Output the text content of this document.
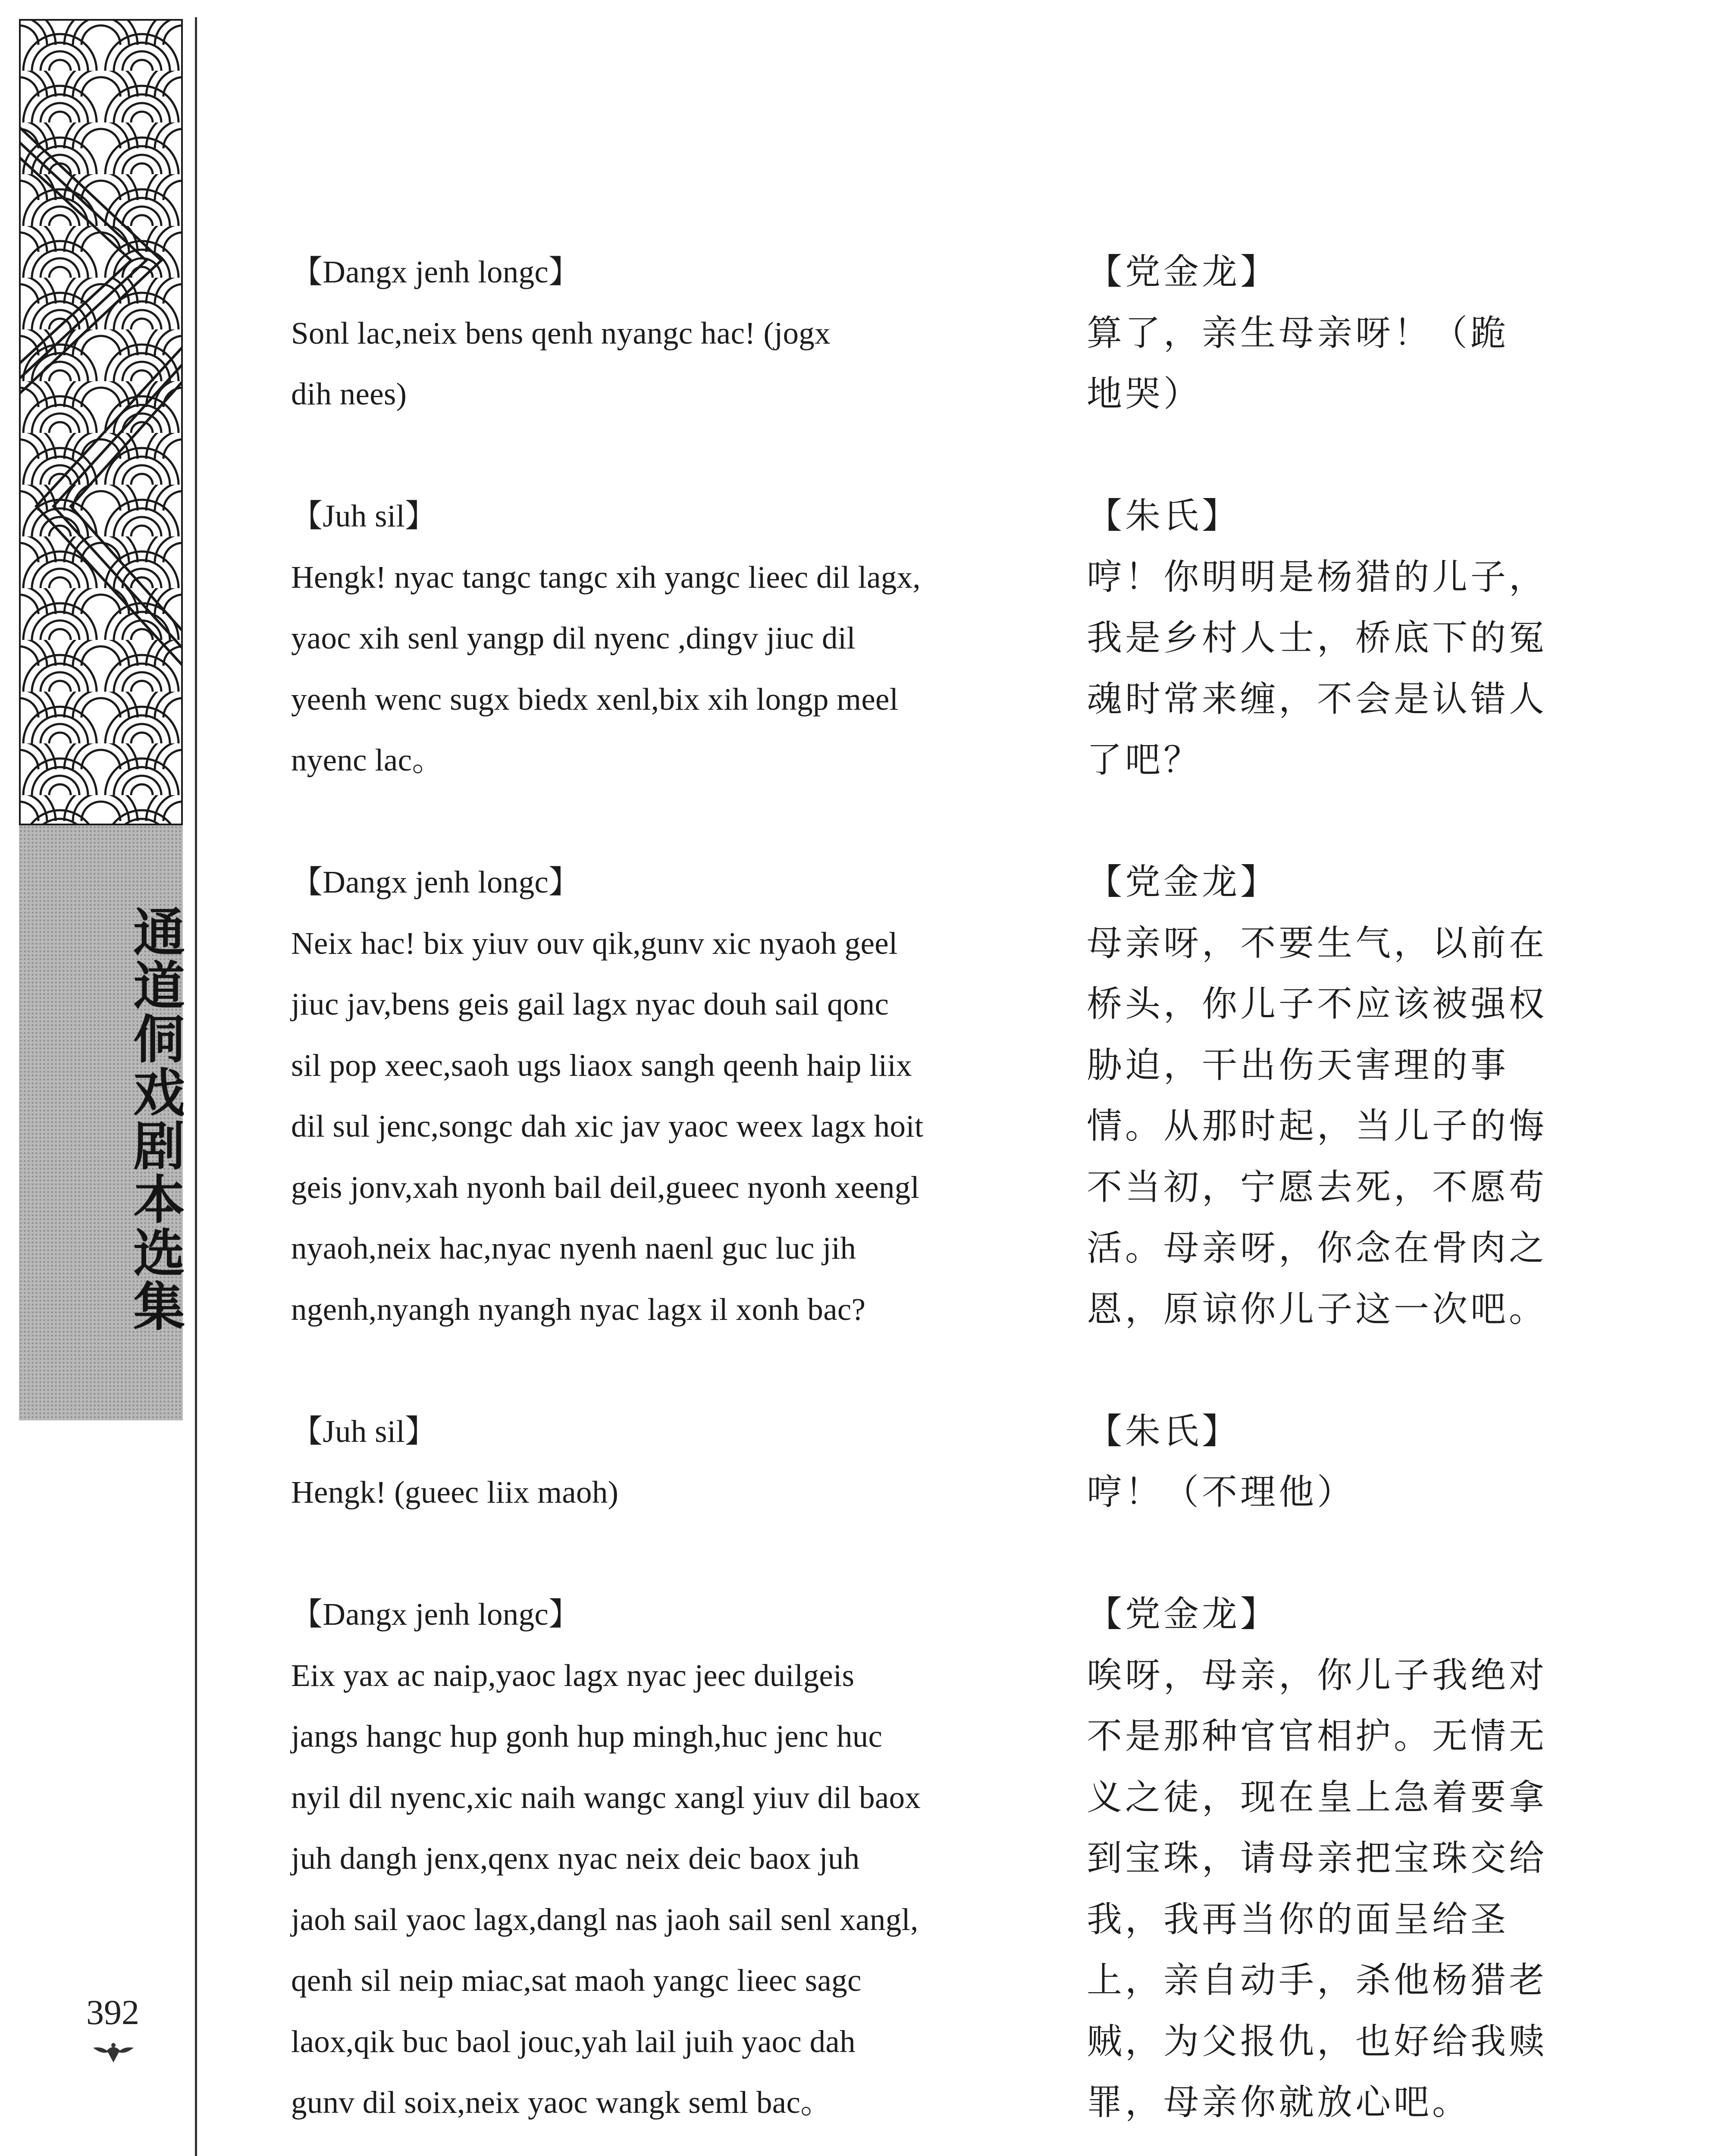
通道侗戏剧本选集
392
【Dangx jenh longc】
Sonl lac,neix bens qenh nyangc hac! (jogx
dih nees)
【Juh sil】
Hengk! nyac tangc tangc xih yangc lieec dil lagx,
yaoc xih senl yangp dil nyenc ,dingv jiuc dil
yeenh wenc sugx biedx xenl,bix xih longp meel
nyenc lac。
【Dangx jenh longc】
Neix hac! bix yiuv ouv qik,gunv xic nyaoh geel
jiuc jav,bens geis gail lagx nyac douh sail qonc
sil pop xeec,saoh ugs liaox sangh qeenh haip liix
dil sul jenc,songc dah xic jav yaoc weex lagx hoit
geis jonv,xah nyonh bail deil,gueec nyonh xeengl
nyaoh,neix hac,nyac nyenh naenl guc luc jih
ngenh,nyangh nyangh nyac lagx il xonh bac?
【Juh sil】
Hengk! (gueec liix maoh)
【Dangx jenh longc】
Eix yax ac naip,yaoc lagx nyac jeec duilgeis
jangs hangc hup gonh hup mingh,huc jenc huc
nyil dil nyenc,xic naih wangc xangl yiuv dil baox
juh dangh jenx,qenx nyac neix deic baox juh
jaoh sail yaoc lagx,dangl nas jaoh sail senl xangl,
qenh sil neip miac,sat maoh yangc lieec sagc
laox,qik buc baol jouc,yah lail juih yaoc dah
gunv dil soix,neix yaoc wangk seml bac。
【党金龙】
算了，亲生母亲呀！（跪
地哭）
【朱氏】
哼！你明明是杨猎的儿子，
我是乡村人士，桥底下的冤
魂时常来缠，不会是认错人
了吧？
【党金龙】
母亲呀，不要生气，以前在
桥头，你儿子不应该被强权
胁迫，干出伤天害理的事
情。从那时起，当儿子的悔
不当初，宁愿去死，不愿苟
活。母亲呀，你念在骨肉之
恩，原谅你儿子这一次吧。
【朱氏】
哼！（不理他）
【党金龙】
唉呀，母亲，你儿子我绝对
不是那种官官相护。无情无
义之徒，现在皇上急着要拿
到宝珠，请母亲把宝珠交给
我，我再当你的面呈给圣
上，亲自动手，杀他杨猎老
贼，为父报仇，也好给我赎
罪，母亲你就放心吧。
